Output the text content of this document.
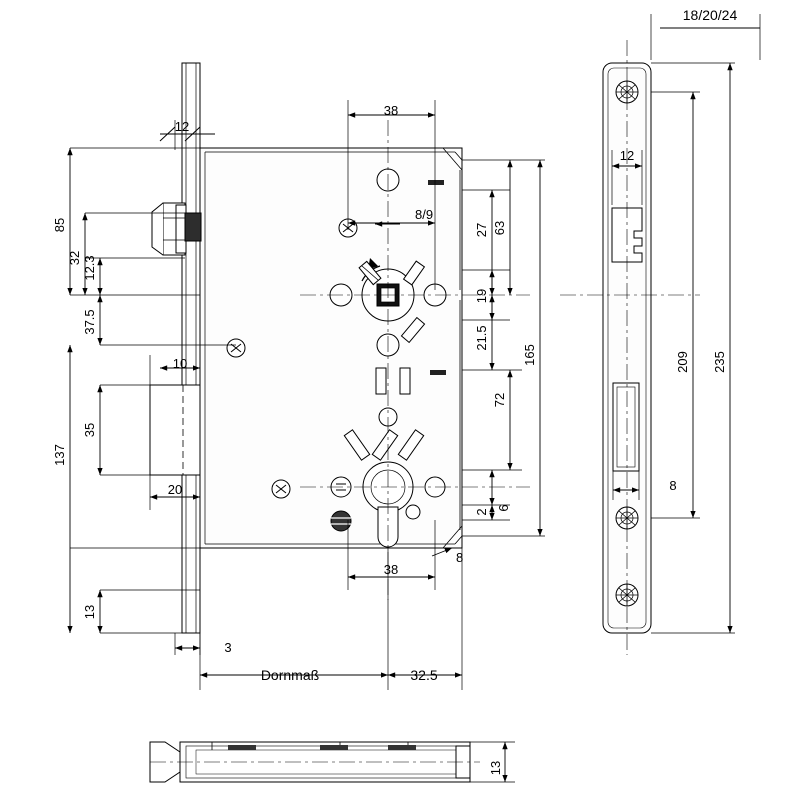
85
32 12.3
37.5
35
137
13
3
12
38
8/9
27 63
19
21.5
72
165
2
6
8
38
10
20
Dornmaß	32.5
18/20/24
12
8
209 235
13
